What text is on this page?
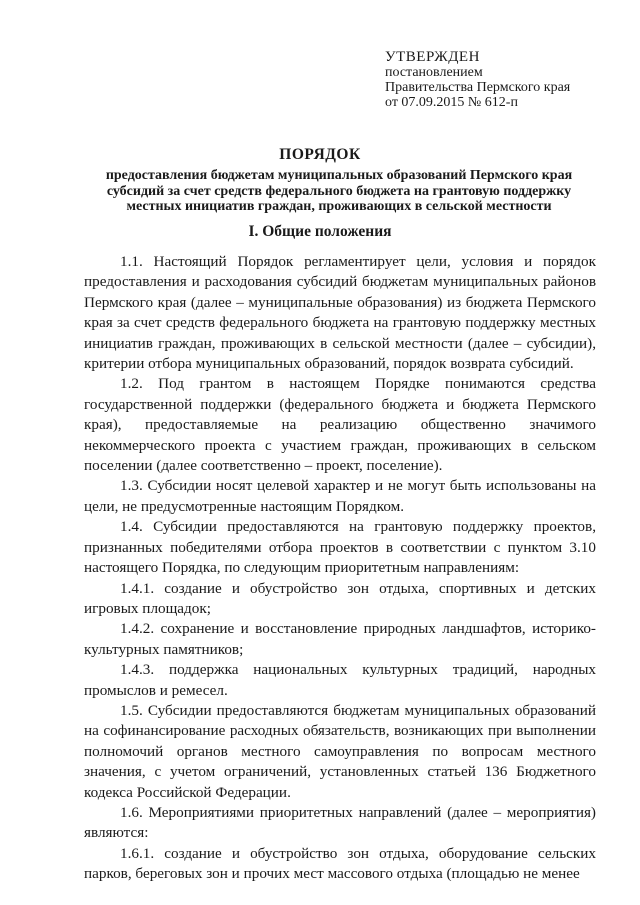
УТВЕРЖДЕН
постановлением
Правительства Пермского края
от 07.09.2015 № 612-п
ПОРЯДОК
предоставления бюджетам муниципальных образований Пермского края субсидий за счет средств федерального бюджета на грантовую поддержку местных инициатив граждан, проживающих в сельской местности
I. Общие положения

1.1. Настоящий Порядок регламентирует цели, условия и порядок предоставления и расходования субсидий бюджетам муниципальных районов Пермского края (далее – муниципальные образования) из бюджета Пермского края за счет средств федерального бюджета на грантовую поддержку местных инициатив граждан, проживающих в сельской местности (далее – субсидии), критерии отбора муниципальных образований, порядок возврата субсидий.

1.2. Под грантом в настоящем Порядке понимаются средства государственной поддержки (федерального бюджета и бюджета Пермского края), предоставляемые на реализацию общественно значимого некоммерческого проекта с участием граждан, проживающих в сельском поселении (далее соответственно – проект, поселение).

1.3. Субсидии носят целевой характер и не могут быть использованы на цели, не предусмотренные настоящим Порядком.

1.4. Субсидии предоставляются на грантовую поддержку проектов, признанных победителями отбора проектов в соответствии с пунктом 3.10 настоящего Порядка, по следующим приоритетным направлениям:

1.4.1. создание и обустройство зон отдыха, спортивных и детских игровых площадок;

1.4.2. сохранение и восстановление природных ландшафтов, историко-культурных памятников;

1.4.3. поддержка национальных культурных традиций, народных промыслов и ремесел.

1.5. Субсидии предоставляются бюджетам муниципальных образований на софинансирование расходных обязательств, возникающих при выполнении полномочий органов местного самоуправления по вопросам местного значения, с учетом ограничений, установленных статьей 136 Бюджетного кодекса Российской Федерации.

1.6. Мероприятиями приоритетных направлений (далее – мероприятия) являются:

1.6.1. создание и обустройство зон отдыха, оборудование сельских парков, береговых зон и прочих мест массового отдыха (площадью не менее
